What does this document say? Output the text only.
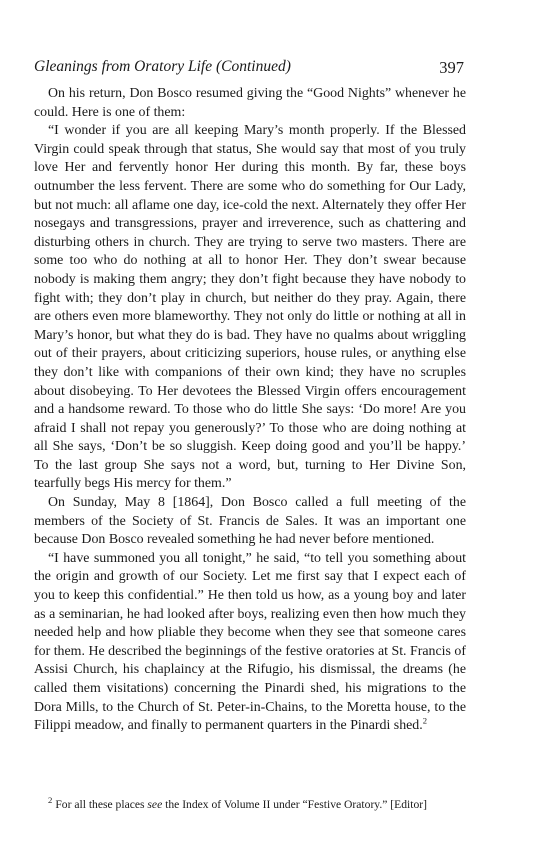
Gleanings from Oratory Life (Continued)	397

On his return, Don Bosco resumed giving the “Good Nights” whenever he could. Here is one of them:

“I wonder if you are all keeping Mary’s month properly. If the Blessed Virgin could speak through that status, She would say that most of you truly love Her and fervently honor Her during this month. By far, these boys outnumber the less fervent. There are some who do something for Our Lady, but not much: all aflame one day, ice-cold the next. Alternately they offer Her nosegays and transgressions, prayer and irreverence, such as chattering and disturbing others in church. They are trying to serve two masters. There are some too who do nothing at all to honor Her. They don’t swear because nobody is making them angry; they don’t fight because they have nobody to fight with; they don’t play in church, but neither do they pray. Again, there are others even more blameworthy. They not only do little or nothing at all in Mary’s honor, but what they do is bad. They have no qualms about wriggling out of their prayers, about criticizing superiors, house rules, or anything else they don’t like with companions of their own kind; they have no scruples about disobeying. To Her devotees the Blessed Virgin offers encouragement and a handsome reward. To those who do little She says: ‘Do more! Are you afraid I shall not repay you generously?’ To those who are doing nothing at all She says, ‘Don’t be so sluggish. Keep doing good and you’ll be happy.’ To the last group She says not a word, but, turning to Her Divine Son, tearfully begs His mercy for them.”

On Sunday, May 8 [1864], Don Bosco called a full meeting of the members of the Society of St. Francis de Sales. It was an important one because Don Bosco revealed something he had never before mentioned.

“I have summoned you all tonight,” he said, “to tell you something about the origin and growth of our Society. Let me first say that I expect each of you to keep this confidential.” He then told us how, as a young boy and later as a seminarian, he had looked after boys, realizing even then how much they needed help and how pliable they become when they see that someone cares for them. He described the beginnings of the festive oratories at St. Francis of Assisi Church, his chaplaincy at the Rifugio, his dismissal, the dreams (he called them visitations) concerning the Pinardi shed, his migrations to the Dora Mills, to the Church of St. Peter-in-Chains, to the Moretta house, to the Filippi meadow, and finally to permanent quarters in the Pinardi shed.$^2$

$^2$ For all these places see the Index of Volume II under “Festive Oratory.” [Editor]
